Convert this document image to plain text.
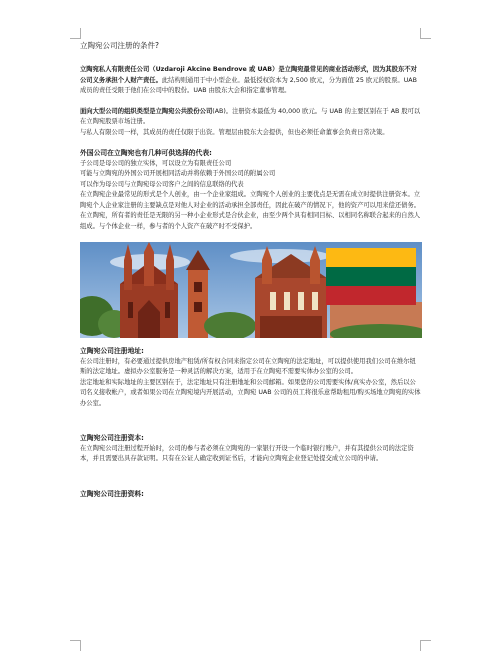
立陶宛公司注册的条件?

立陶宛私人有限责任公司（Uzdaroji Akcine Bendrove 或 UAB）是立陶宛最常见的商业活动形式，因为其股东不对公司义务承担个人财产责任。此结构则通用于中小型企业。最低授权资本为 2,500 欧元，分为面值 25 欧元的股票。UAB 成员的责任受限于他们在公司中的股份。UAB 由股东大会和指定董事管理。

面向大型公司的组织类型是立陶宛公共股份公司(AB)。注册资本最低为 40,000 欧元。与 UAB 的主要区别在于 AB 股可以在立陶宛股票市场注册。
与私人有限公司一样，其成员的责任仅限于出资。管理层由股东大会提供，但也必须任命董事会负责日常决策。

外国公司在立陶宛也有几种可供选择的代表:

子公司是母公司的独立实体，可以设立为有限责任公司

可能与立陶宛的外国公司开展相同活动并将依赖于外国公司的附属公司

可以作为母公司与立陶宛母公司客户之间的信息联络的代表

在立陶宛企业最常见的形式是个人创业，由一个企业家组成。立陶宛个人创业的主要优点是无需在成立时提供注册资本。立陶宛个人企业家注册的主要缺点是对他人对企业的活动承担全部责任，因此在破产的情况下，他的资产可以用来偿还债务。

在立陶宛，所有者的责任是无限的另一种小企业形式是合伙企业，由至少两个具有相同目标、以相同名称联合起来的自然人组成。与个体企业一样，参与者的个人资产在破产时不受保护。

立陶宛公司注册地址:

在公司注册时，有必要通过提供房地产租赁/所有权合同来指定公司在立陶宛的法定地址，可以提供使用我们公司在维尔纽斯的法定地址。虚拟办公室服务是一种灵活的解决方案，适用于在立陶宛不需要实体办公室的公司。

法定地址和实际地址的主要区别在于，法定地址只有注册地址和公司邮箱。如果您的公司需要实体/真实办公室，然后以公司名义接收帐户，或者如果公司在立陶宛境内开展活动，立陶宛 UAB 公司的员工将很乐意帮助租用/购买场地立陶宛的实体办公室。

立陶宛公司注册资本:

在立陶宛公司注册过程开始时，公司的参与者必须在立陶宛的一家银行开设一个临时银行账户，并有其提供公司的法定资本，并且需要出具存款证明。只有在公证人确定收到证书后，才能向立陶宛企业登记处提交成立公司的申请。

立陶宛公司注册资料:
